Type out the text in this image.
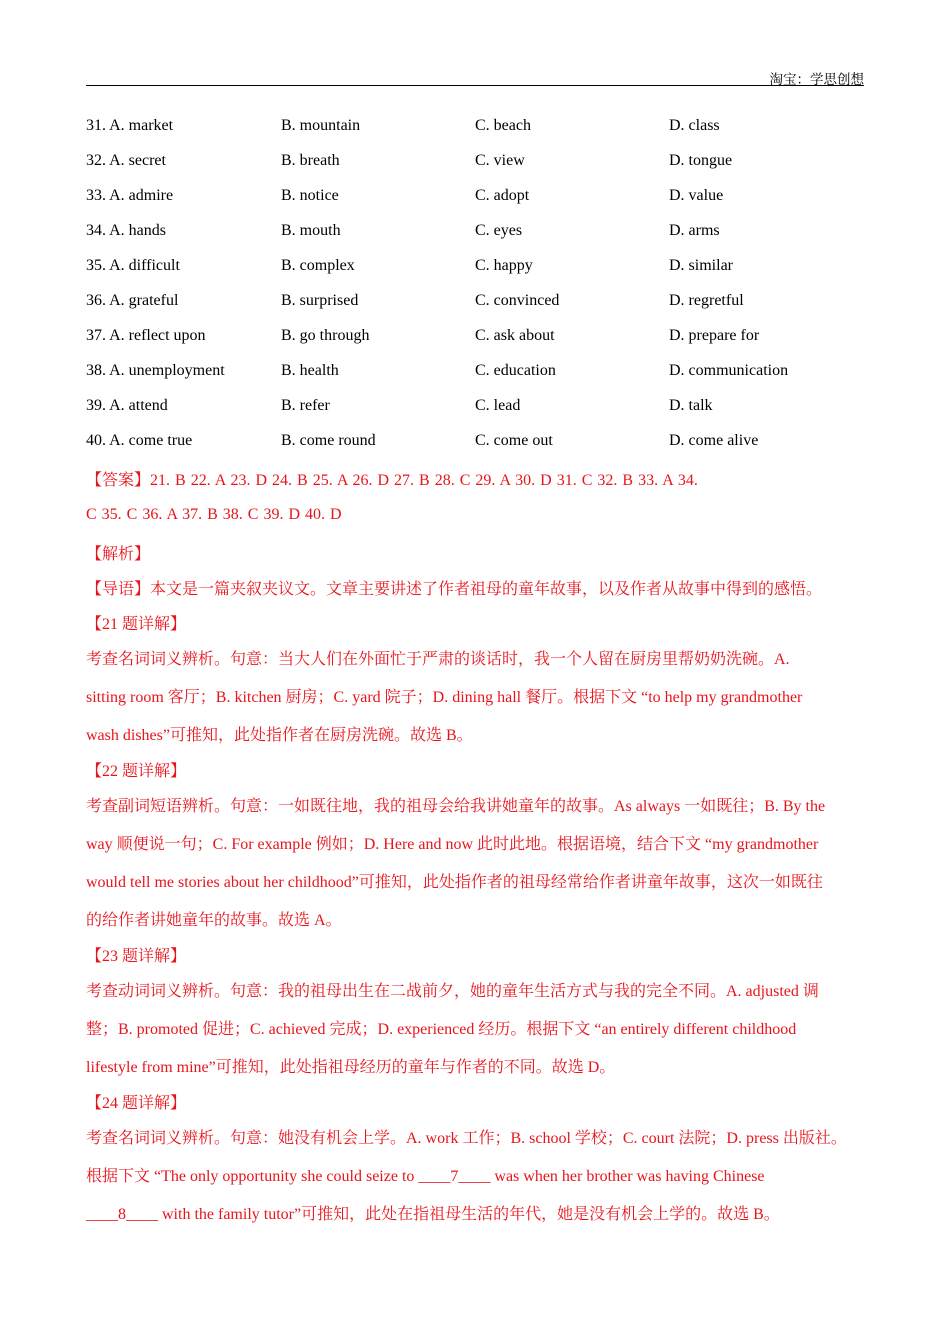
淘宝：学思创想
31. A. market	B. mountain	C. beach	D. class
32. A. secret	B. breath	C. view	D. tongue
33. A. admire	B. notice	C. adopt	D. value
34. A. hands	B. mouth	C. eyes	D. arms
35. A. difficult	B. complex	C. happy	D. similar
36. A. grateful	B. surprised	C. convinced	D. regretful
37. A. reflect upon	B. go through	C. ask about	D. prepare for
38. A. unemployment	B. health	C. education	D. communication
39. A. attend	B. refer	C. lead	D. talk
40. A. come true	B. come round	C. come out	D. come alive
【答案】21. B 22. A 23. D 24. B 25. A 26. D 27. B 28. C 29. A 30. D 31. C 32. B 33. A 34.
C 35. C 36. A 37. B 38. C 39. D 40. D
【解析】
【导语】本文是一篇夹叙夹议文。文章主要讲述了作者祖母的童年故事，以及作者从故事中得到的感悟。
【21 题详解】
考查名词词义辨析。句意：当大人们在外面忙于严肃的谈话时，我一个人留在厨房里帮奶奶洗碗。A.
sitting room 客厅；B. kitchen 厨房；C. yard 院子；D. dining hall 餐厅。根据下文 “to help my grandmother
wash dishes”可推知，此处指作者在厨房洗碗。故选 B。
【22 题详解】
考查副词短语辨析。句意：一如既往地，我的祖母会给我讲她童年的故事。As always 一如既往；B. By the
way 顺便说一句；C. For example 例如；D. Here and now 此时此地。根据语境，结合下文 “my grandmother
would tell me stories about her childhood”可推知，此处指作者的祖母经常给作者讲童年故事，这次一如既往
的给作者讲她童年的故事。故选 A。
【23 题详解】
考查动词词义辨析。句意：我的祖母出生在二战前夕，她的童年生活方式与我的完全不同。A. adjusted 调
整；B. promoted 促进；C. achieved 完成；D. experienced 经历。根据下文 “an entirely different childhood
lifestyle from mine”可推知，此处指祖母经历的童年与作者的不同。故选 D。
【24 题详解】
考查名词词义辨析。句意：她没有机会上学。A. work 工作；B. school 学校；C. court 法院；D. press 出版社。
根据下文 “The only opportunity she could seize to ____7____ was when her brother was having Chinese
____8____ with the family tutor”可推知，此处在指祖母生活的年代，她是没有机会上学的。故选 B。
